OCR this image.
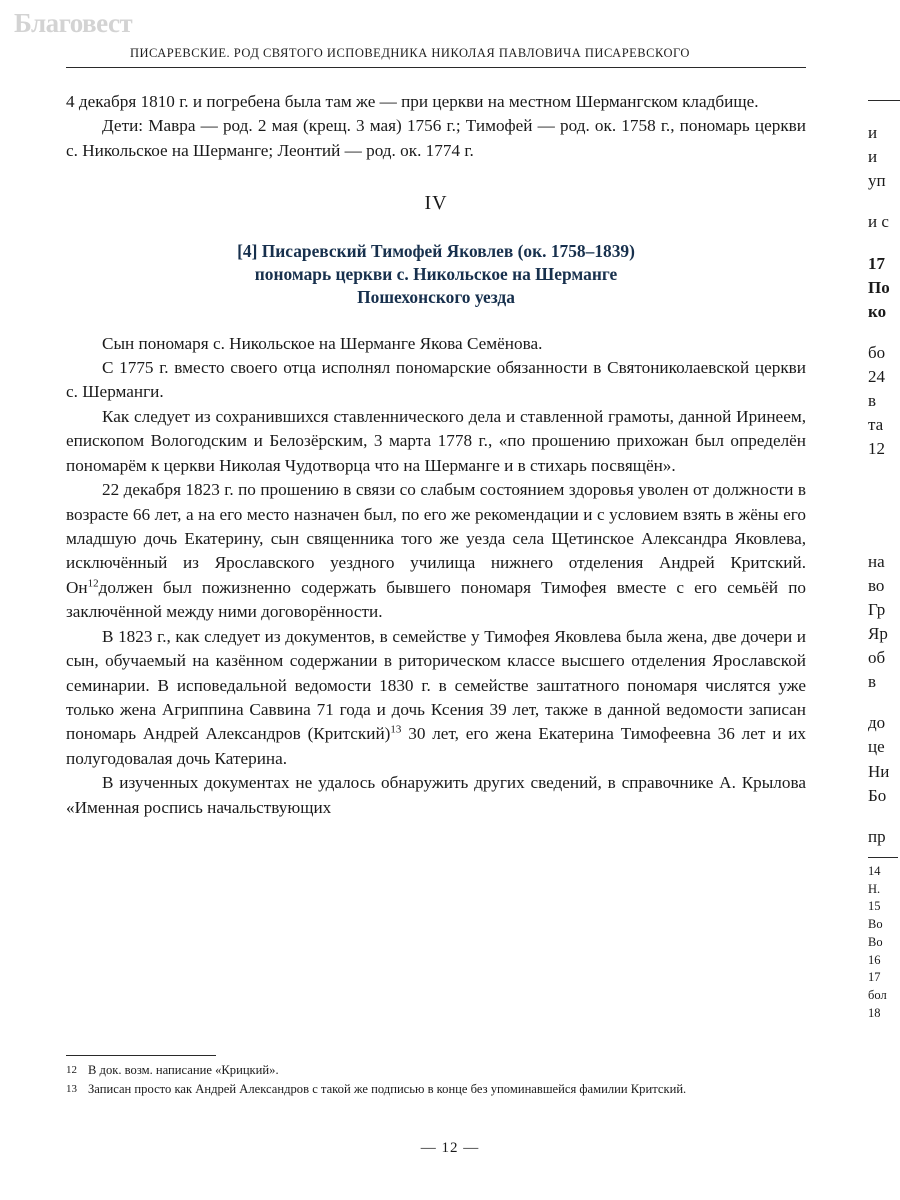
Благовест
ПИСАРЕВСКИЕ. РОД СВЯТОГО ИСПОВЕДНИКА НИКОЛАЯ ПАВЛОВИЧА ПИСАРЕВСКОГО

4 декабря 1810 г. и погребена была там же — при церкви на местном Шермангском кладбище.

Дети: Мавра — род. 2 мая (крещ. 3 мая) 1756 г.; Тимофей — род. ок. 1758 г., пономарь церкви с. Никольское на Шерманге; Леонтий — род. ок. 1774 г.

IV
[4] Писаревский Тимофей Яковлев (ок. 1758–1839)
пономарь церкви с. Никольское на Шерманге
Пошехонского уезда

Сын пономаря с. Никольское на Шерманге Якова Семёнова.

С 1775 г. вместо своего отца исполнял пономарские обязанности в Святониколаевской церкви с. Шерманги.

Как следует из сохранившихся ставленнического дела и ставленной грамоты, данной Иринеем, епископом Вологодским и Белозёрским, 3 марта 1778 г., «по прошению прихожан был определён пономарём к церкви Николая Чудотворца что на Шерманге и в стихарь посвящён».

22 декабря 1823 г. по прошению в связи со слабым состоянием здоровья уволен от должности в возрасте 66 лет, а на его место назначен был, по его же рекомендации и с условием взять в жёны его младшую дочь Екатерину, сын священника того же уезда села Щетинское Александра Яковлева, исключённый из Ярославского уездного училища нижнего отделения Андрей Критский. Он$^{12}$должен был пожизненно содержать бывшего пономаря Тимофея вместе с его семьёй по заключённой между ними договорённости.

В 1823 г., как следует из документов, в семействе у Тимофея Яковлева была жена, две дочери и сын, обучаемый на казённом содержании в риторическом классе высшего отделения Ярославской семинарии. В исповедальной ведомости 1830 г. в семействе заштатного пономаря числятся уже только жена Агриппина Саввина 71 года и дочь Ксения 39 лет, также в данной ведомости записан пономарь Андрей Александров (Критский)$^{13}$ 30 лет, его жена Екатерина Тимофеевна 36 лет и их полугодовалая дочь Катерина.

В изученных документах не удалось обнаружить других сведений, в справочнике А. Крылова «Именная роспись начальствующих

12 В док. возм. написание «Крицкий».
13 Записан просто как Андрей Александров с такой же подписью в конце без упоминавшейся фамилии Критский.
— 12 —

и

и

уп

и с

17

По

ко

бо

24

в

та

12

на

во

Гр

Яр

об

в

до

це

Ни

Бо

пр

14

Н.

15

Во

Во

16

17

бол

18
